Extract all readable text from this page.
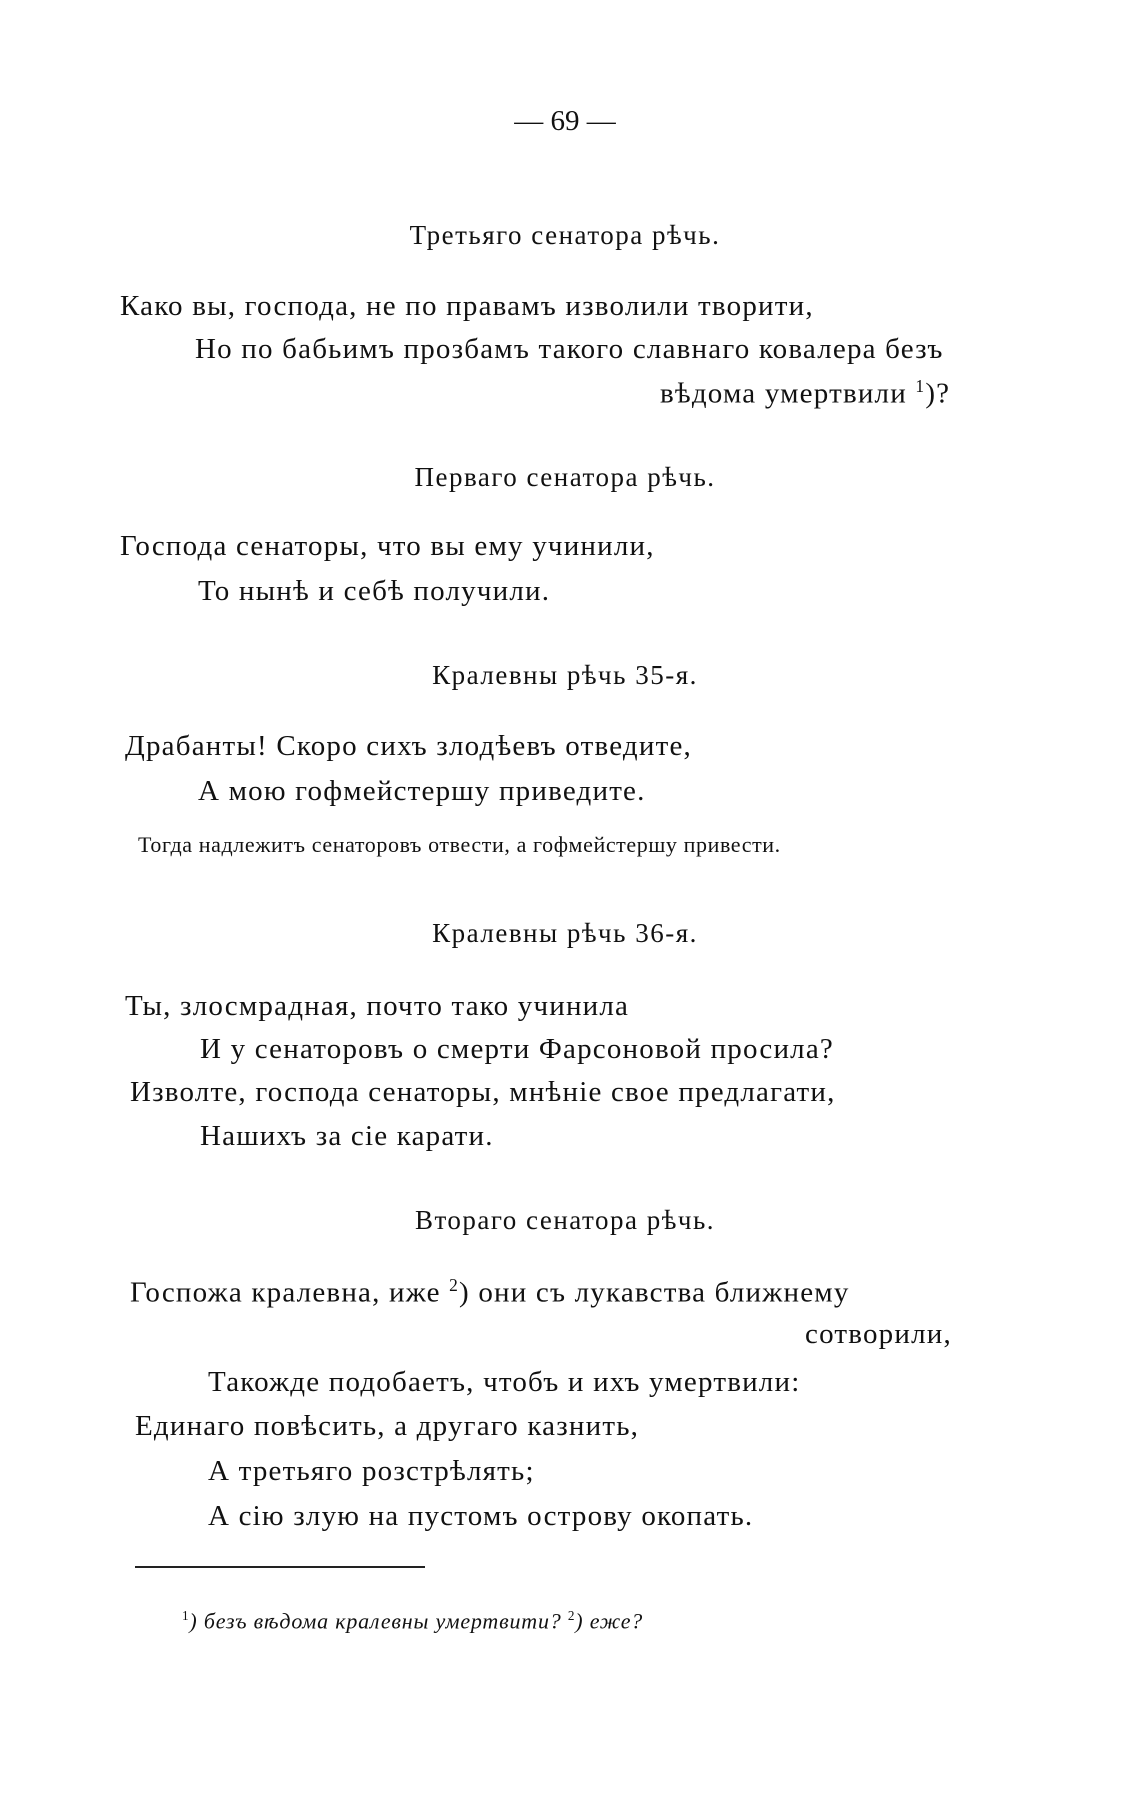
— 69 —
Третьяго сенатора рѣчь.
Како вы, господа, не по правамъ изволили творити,
Но по бабьимъ прозбамъ такого славнаго ковалера безъ
вѣдома умертвили $^1$)?
Перваго сенатора рѣчь.
Господа сенаторы, что вы ему учинили,
То нынѣ и себѣ получили.
Кралевны рѣчь 35-я.
Драбанты! Скоро сихъ злодѣевъ отведите,
А мою гофмейстершу приведите.
Тогда надлежитъ сенаторовъ отвести, а гофмейстершу привести.
Кралевны рѣчь 36-я.
Ты, злосмрадная, почто тако учинила
И у сенаторовъ о смерти Фарсоновой просила?
Изволте, господа сенаторы, мнѣніе свое предлагати,
Нашихъ за сіе карати.
Втораго сенатора рѣчь.
Госпожа кралевна, иже $^2$) они съ лукавства ближнему
сотворили,
Такожде подобаетъ, чтобъ и ихъ умертвили:
Единаго повѣсить, а другаго казнить,
А третьяго розстрѣлять;
А сію злую на пустомъ острову окопать.
$^1$) безъ вѣдома кралевны умертвити? $^2$) еже?
